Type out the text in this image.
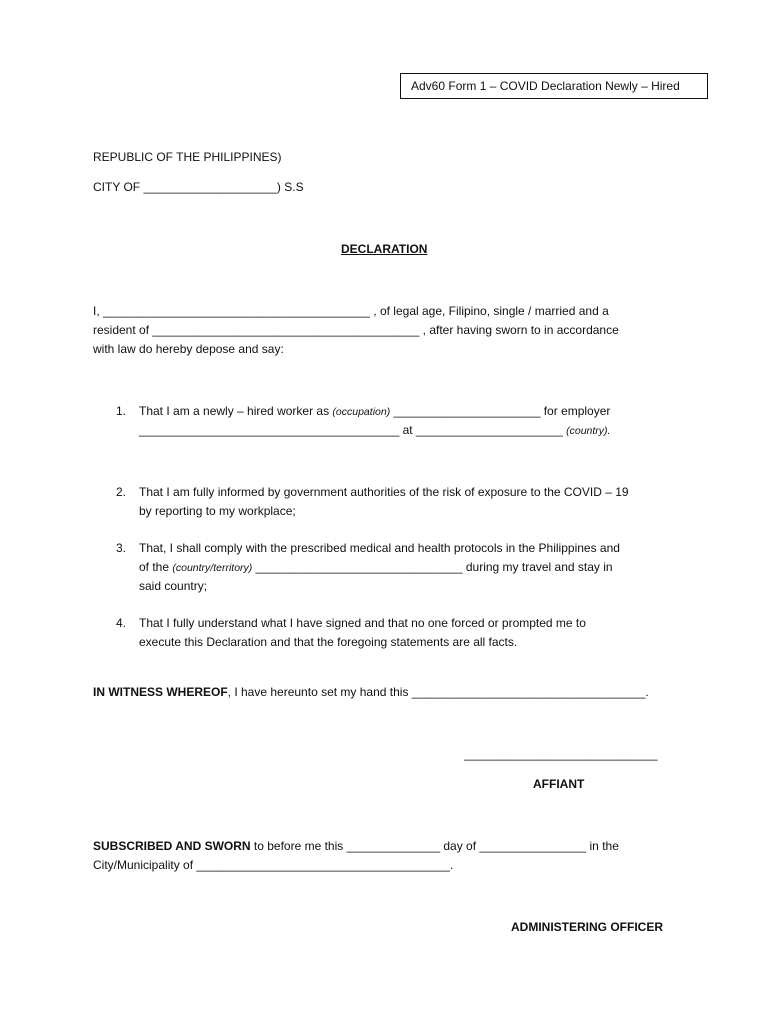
Adv60 Form 1 – COVID Declaration Newly – Hired
REPUBLIC OF THE PHILIPPINES)
CITY OF ____________________) S.S
DECLARATION
I, ________________________________________ , of legal age, Filipino, single / married and a
resident of ________________________________________ , after having sworn to in accordance
with law do hereby depose and say:
1. That I am a newly – hired worker as (occupation) ______________________ for employer
_______________________________________ at ______________________ (country).
2. That I am fully informed by government authorities of the risk of exposure to the COVID – 19
by reporting to my workplace;
3. That, I shall comply with the prescribed medical and health protocols in the Philippines and
of the (country/territory) _______________________________ during my travel and stay in
said country;
4. That I fully understand what I have signed and that no one forced or prompted me to
execute this Declaration and that the foregoing statements are all facts.
IN WITNESS WHEREOF, I have hereunto set my hand this ___________________________________.
_____________________________
AFFIANT
SUBSCRIBED AND SWORN to before me this ______________ day of ________________ in the
City/Municipality of ______________________________________.
ADMINISTERING OFFICER
